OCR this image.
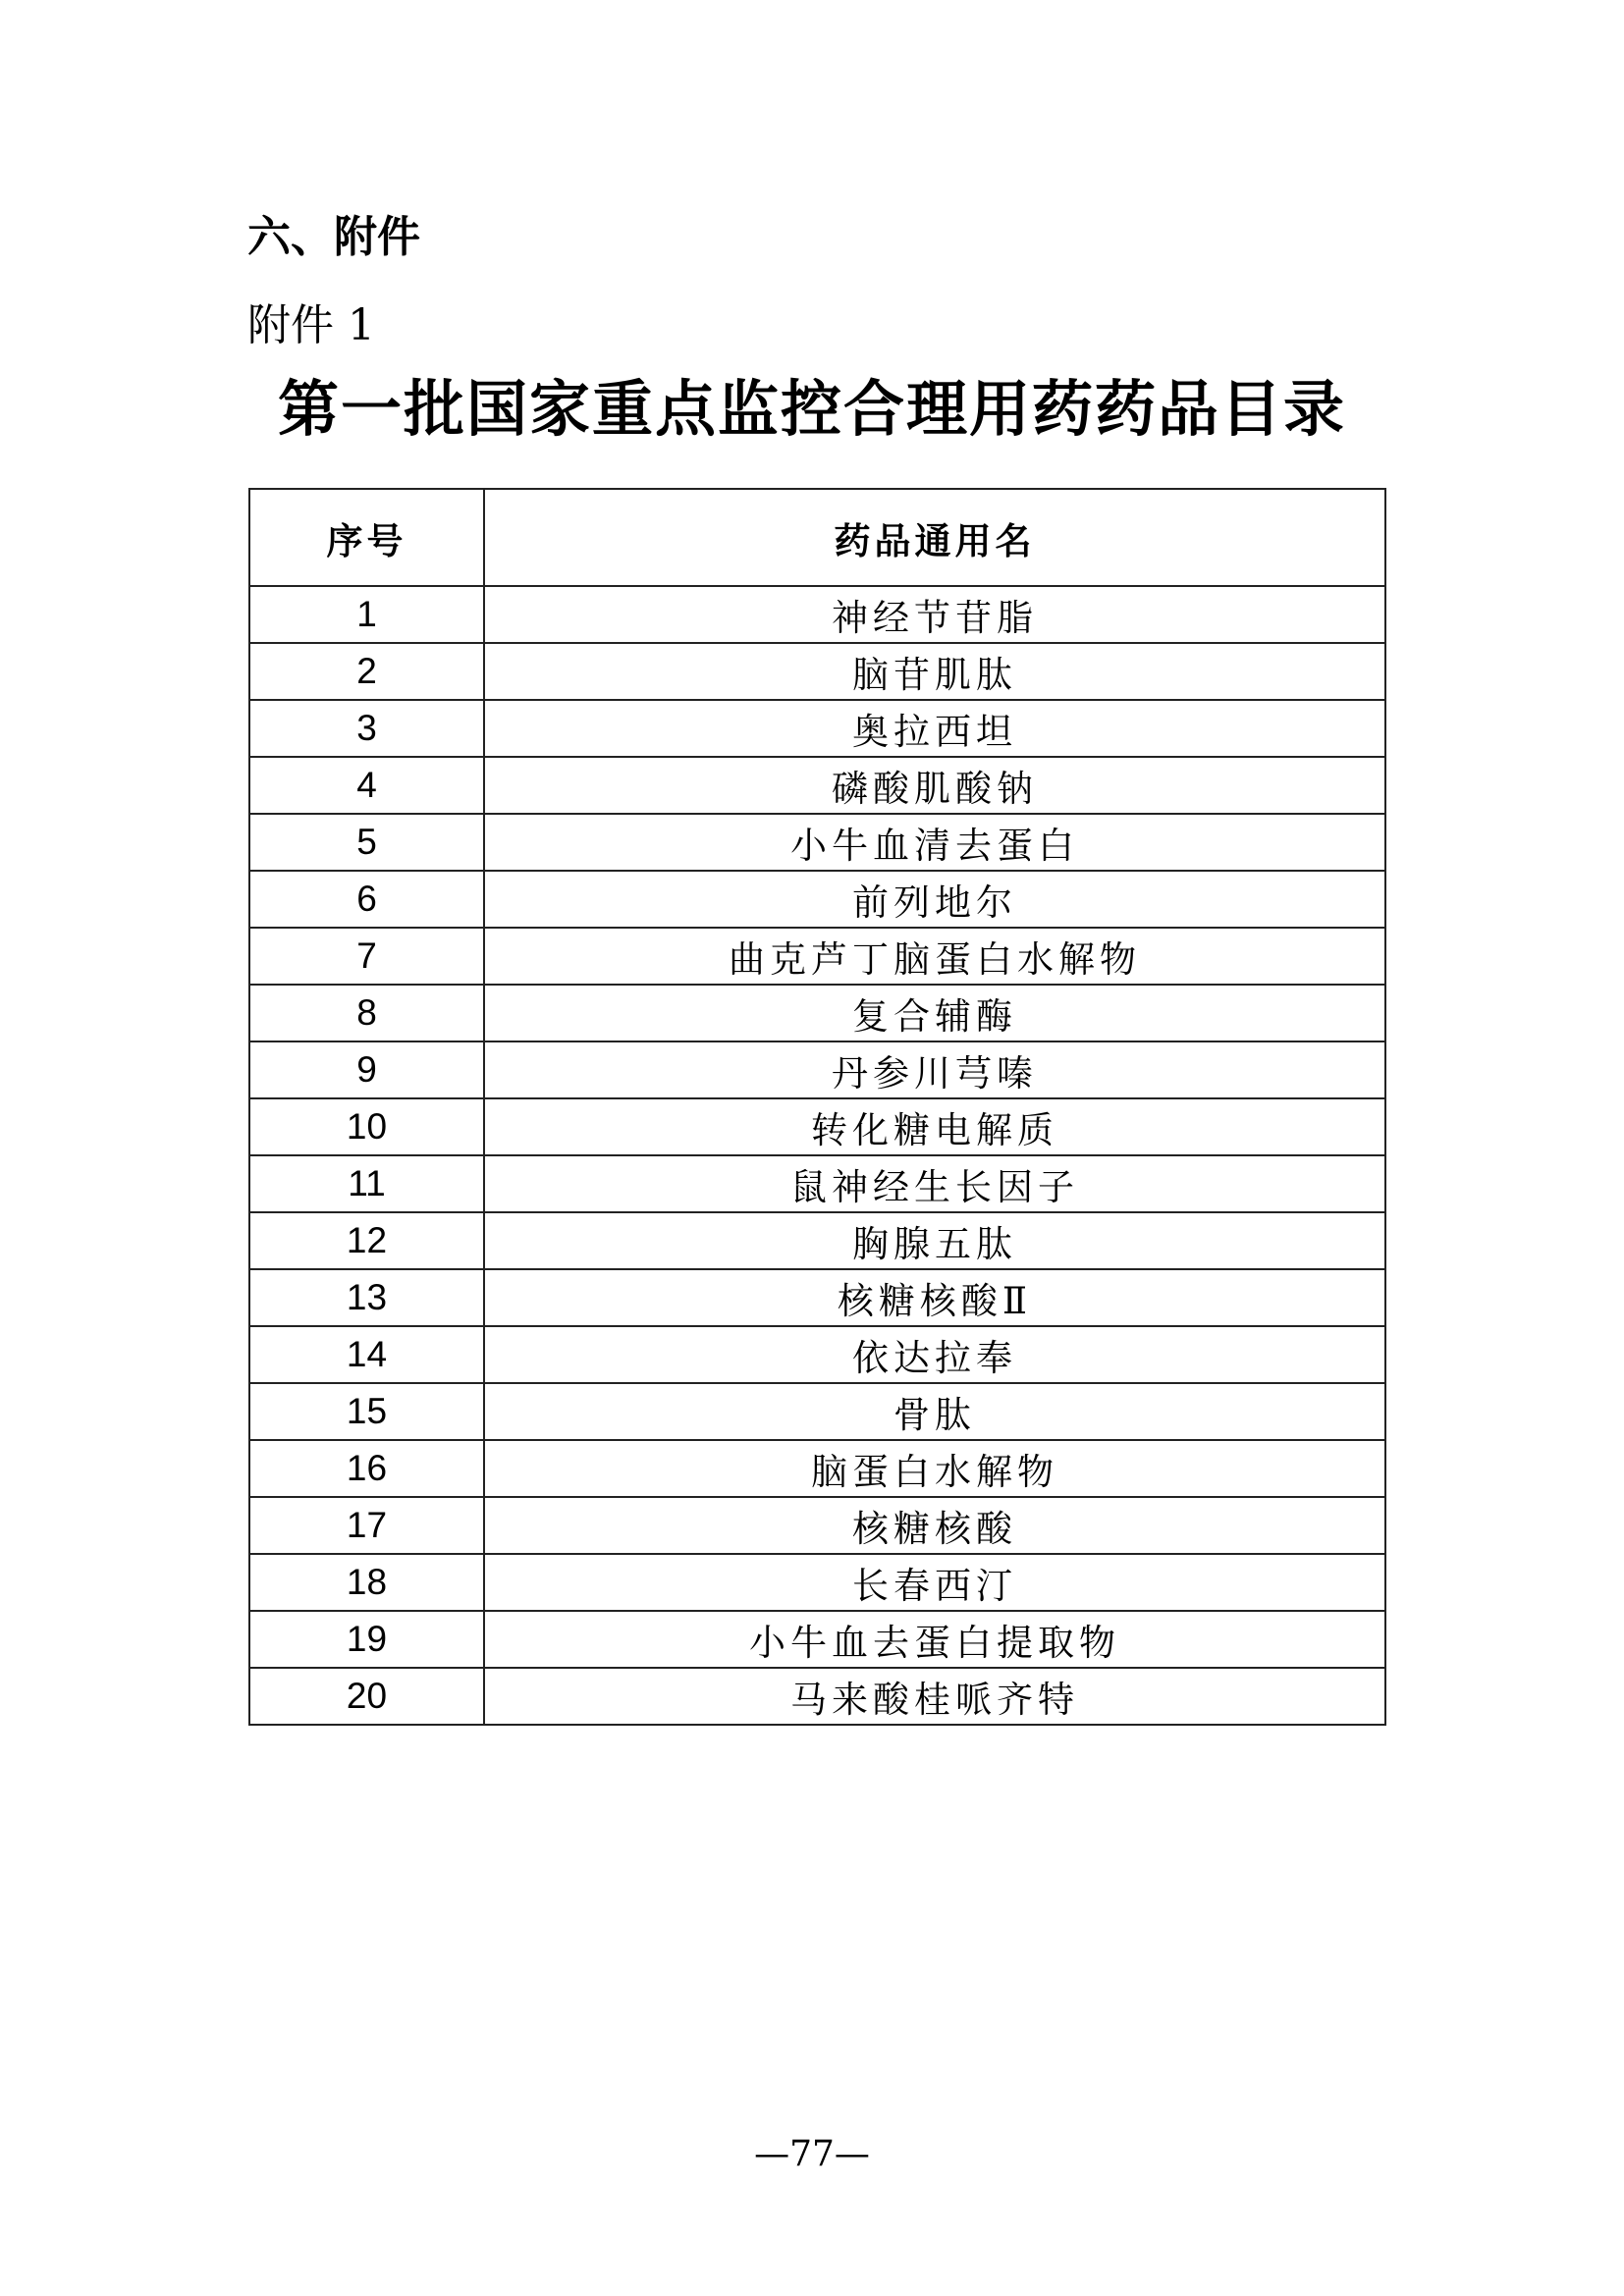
六、附件
附件 1
第一批国家重点监控合理用药药品目录
序号	药品通用名
1	神经节苷脂
2	脑苷肌肽
3	奥拉西坦
4	磷酸肌酸钠
5	小牛血清去蛋白
6	前列地尔
7	曲克芦丁脑蛋白水解物
8	复合辅酶
9	丹参川芎嗪
10	转化糖电解质
11	鼠神经生长因子
12	胸腺五肽
13	核糖核酸Ⅱ
14	依达拉奉
15	骨肽
16	脑蛋白水解物
17	核糖核酸
18	长春西汀
19	小牛血去蛋白提取物
20	马来酸桂哌齐特
—77—
